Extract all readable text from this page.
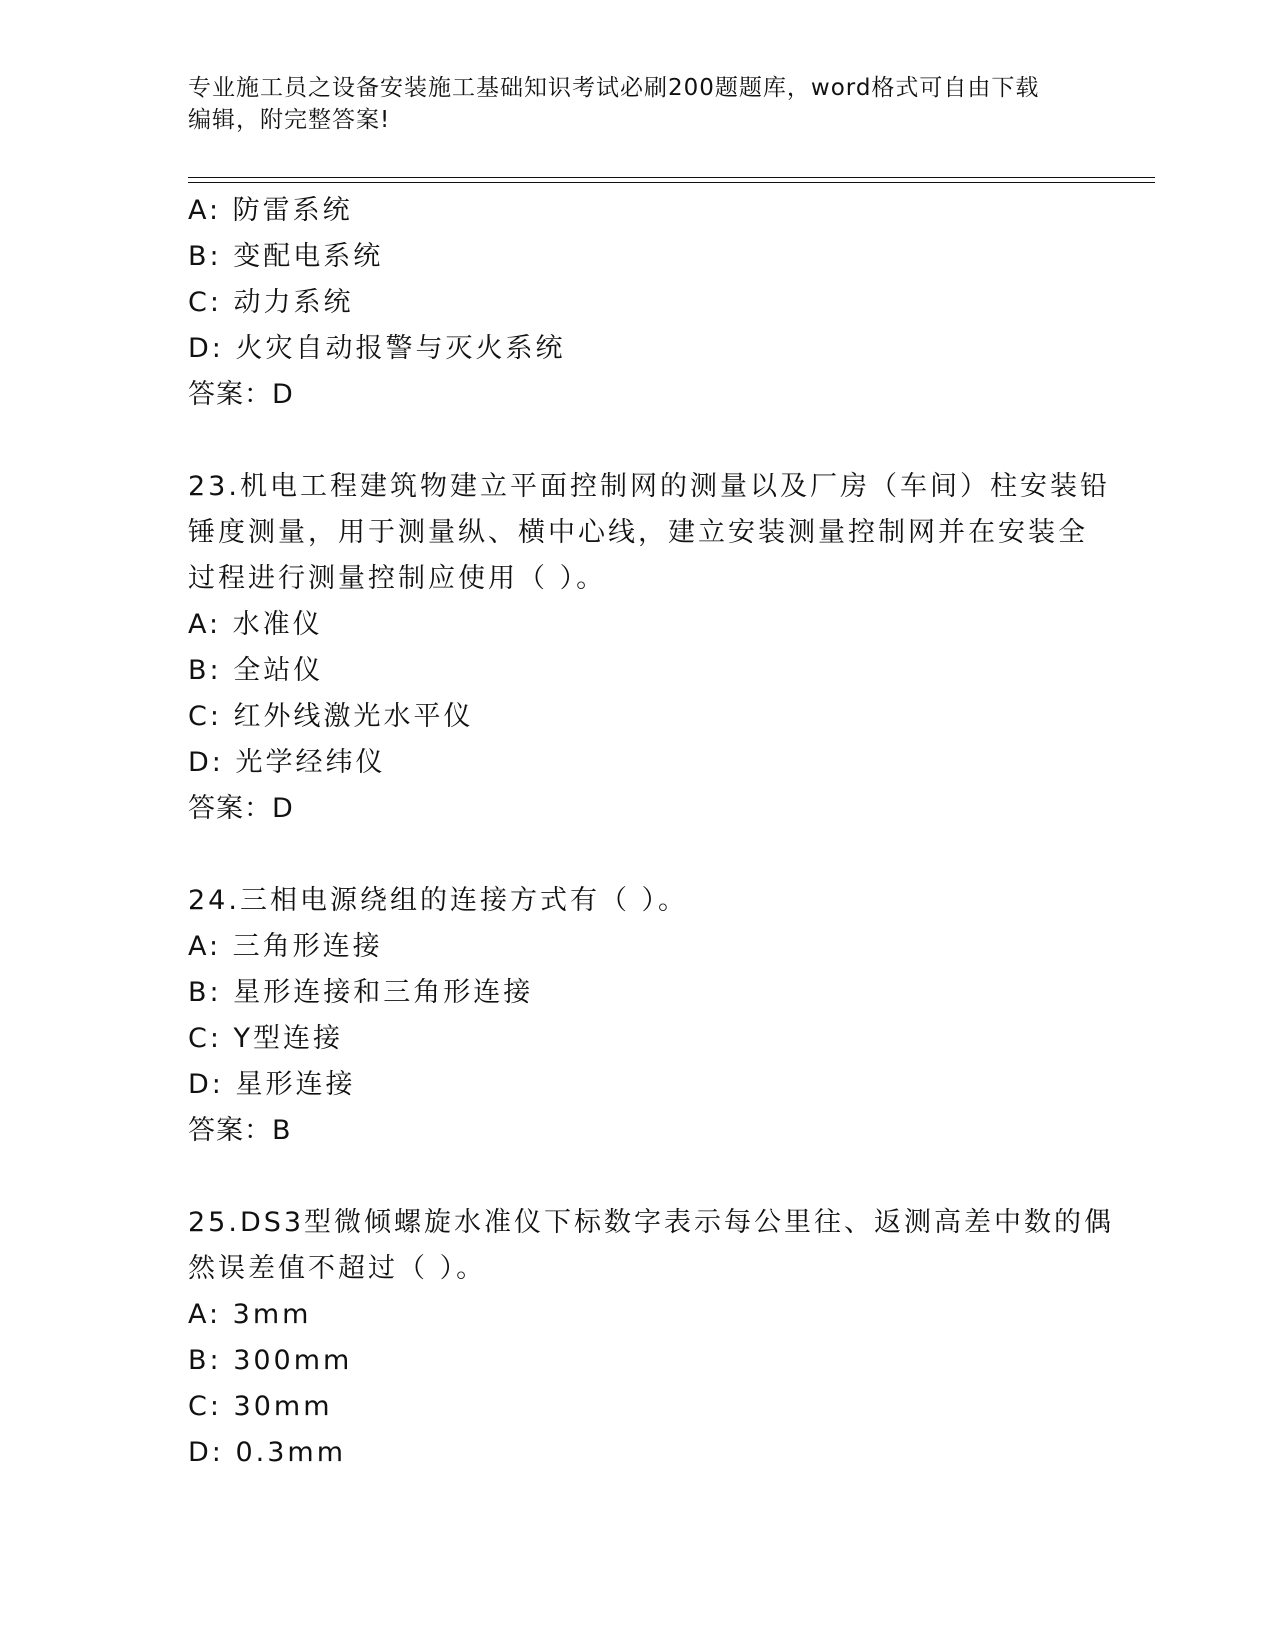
专业施工员之设备安装施工基础知识考试必刷200题题库，word格式可自由下载
编辑，附完整答案!
A: 防雷系统
B: 变配电系统
C: 动力系统
D: 火灾自动报警与灭火系统
答案：D
23.机电工程建筑物建立平面控制网的测量以及厂房（车间）柱安装铅
锤度测量，用于测量纵、横中心线，建立安装测量控制网并在安装全
过程进行测量控制应使用（ ）。
A: 水准仪
B: 全站仪
C: 红外线激光水平仪
D: 光学经纬仪
答案：D
24.三相电源绕组的连接方式有（ ）。
A: 三角形连接
B: 星形连接和三角形连接
C: Y型连接
D: 星形连接
答案：B
25.DS3型微倾螺旋水准仪下标数字表示每公里往、返测高差中数的偶
然误差值不超过（ ）。
A: 3mm
B: 300mm
C: 30mm
D: 0.3mm
